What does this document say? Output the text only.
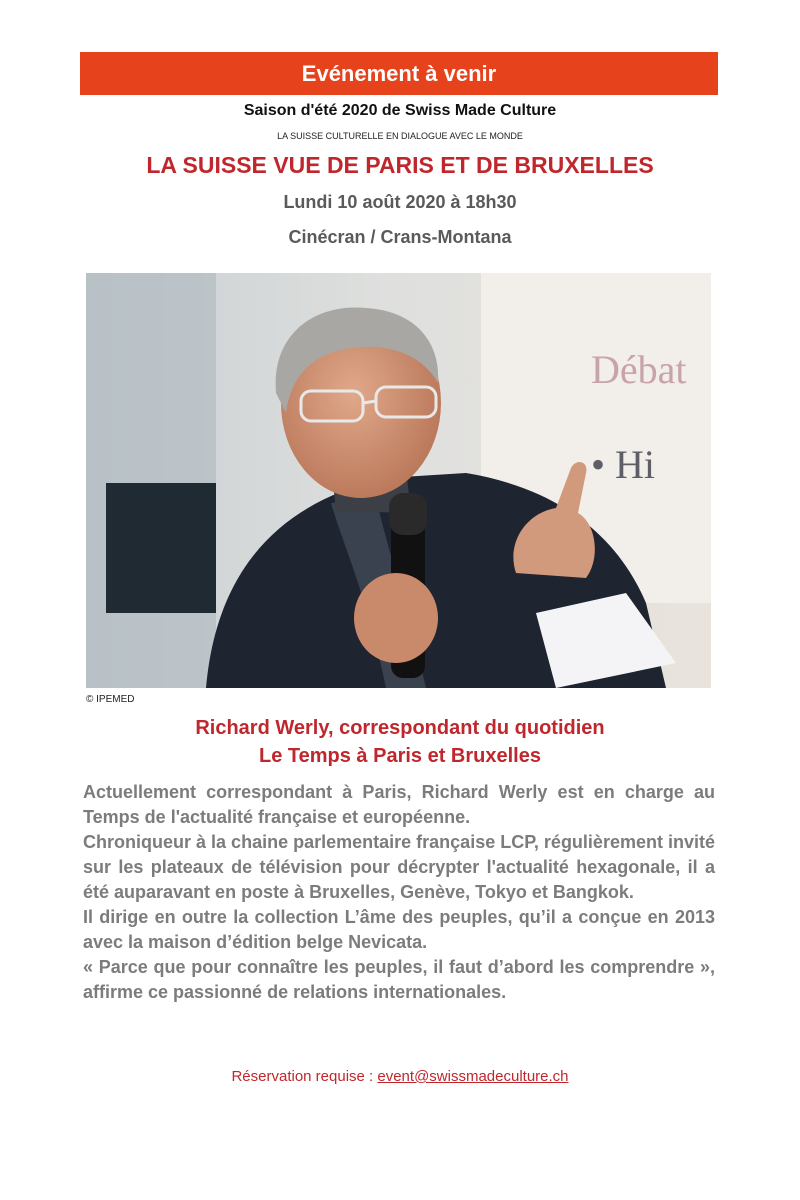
Evénement à venir
Saison d'été 2020 de Swiss Made Culture
LA SUISSE CULTURELLE EN DIALOGUE AVEC LE MONDE
LA SUISSE VUE DE PARIS ET DE BRUXELLES
Lundi 10 août 2020 à 18h30
Cinécran / Crans-Montana
Débat
• Hi
© IPEMED
Richard Werly, correspondant du quotidien
Le Temps à Paris et Bruxelles

Actuellement correspondant à Paris, Richard Werly est en charge au Temps de l'actualité française et européenne.

Chroniqueur à la chaine parlementaire française LCP, régulièrement invité sur les plateaux de télévision pour décrypter l'actualité hexagonale, il a été auparavant en poste à Bruxelles, Genève, Tokyo et Bangkok.

Il dirige en outre la collection L’âme des peuples, qu’il a conçue en 2013 avec la maison d’édition belge Nevicata.

« Parce que pour connaître les peuples, il faut d’abord les comprendre », affirme ce passionné de relations internationales.

Réservation requise : event@swissmadeculture.ch
